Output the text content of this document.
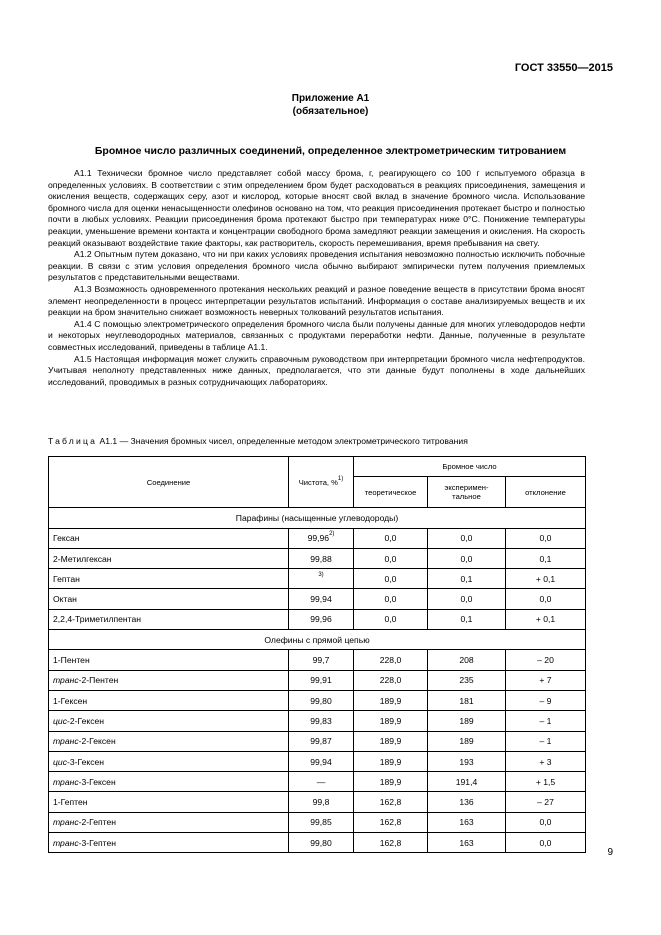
ГОСТ 33550—2015
Приложение А1
(обязательное)
Бромное число различных соединений, определенное электрометрическим титрованием

А1.1 Технически бромное число представляет собой массу брома, г, реагирующего со 100 г испытуемого образца в определенных условиях. В соответствии с этим определением бром будет расходоваться в реакциях присоединения, замещения и окисления веществ, содержащих серу, азот и кислород, которые вносят свой вклад в значение бромного числа. Использование бромного числа для оценки ненасыщенности олефинов основано на том, что реакция присоединения протекает быстро и полностью почти в любых условиях. Реакции присоединения брома протекают быстро при температурах ниже 0°С. Понижение температуры реакции, уменьшение времени контакта и концентрации свободного брома замедляют реакции замещения и окисления. На скорость реакций оказывают воздействие такие факторы, как растворитель, скорость перемешивания, время пребывания на свету.

А1.2 Опытным путем доказано, что ни при каких условиях проведения испытания невозможно полностью исключить побочные реакции. В связи с этим условия определения бромного числа обычно выбирают эмпирически путем получения приемлемых результатов с представительными веществами.

А1.3 Возможность одновременного протекания нескольких реакций и разное поведение веществ в присутствии брома вносят элемент неопределенности в процесс интерпретации результатов испытаний. Информация о составе анализируемых веществ и их реакции на бром значительно снижает возможность неверных толкований результатов испытания.

А1.4 С помощью электрометрического определения бромного числа были получены данные для многих углеводородов нефти и некоторых неуглеводородных материалов, связанных с продуктами переработки нефти. Данные, полученные в результате совместных исследований, приведены в таблице А1.1.

А1.5 Настоящая информация может служить справочным руководством при интерпретации бромного числа нефтепродуктов. Учитывая неполноту представленных ниже данных, предполагается, что эти данные будут пополнены в ходе дальнейших исследований, проводимых в разных сотрудничающих лабораториях.

Таблица А1.1 — Значения бромных чисел, определенные методом электрометрического титрования
Соединение	Чистота, %$^{1)}$	Бромное число		
		теоретическое	эксперимен-тальное	отклонение
Парафины (насыщенные углеводороды)				
Гексан	99,96$^{2)}$	0,0	0,0	0,0
2-Метилгексан	99,88	0,0	0,0	0,1
Гептан	$^{3)}$	0,0	0,1	+ 0,1
Октан	99,94	0,0	0,0	0,0
2,2,4-Триметилпентан	99,96	0,0	0,1	+ 0,1
Олефины с прямой цепью				
1-Пентен	99,7	228,0	208	– 20
транс-2-Пентен	99,91	228,0	235	+ 7
1-Гексен	99,80	189,9	181	– 9
цис-2-Гексен	99,83	189,9	189	– 1
транс-2-Гексен	99,87	189,9	189	– 1
цис-3-Гексен	99,94	189,9	193	+ 3
транс-3-Гексен	—	189,9	191,4	+ 1,5
1-Гептен	99,8	162,8	136	– 27
транс-2-Гептен	99,85	162,8	163	0,0
транс-3-Гептен	99,80	162,8	163	0,0
9
